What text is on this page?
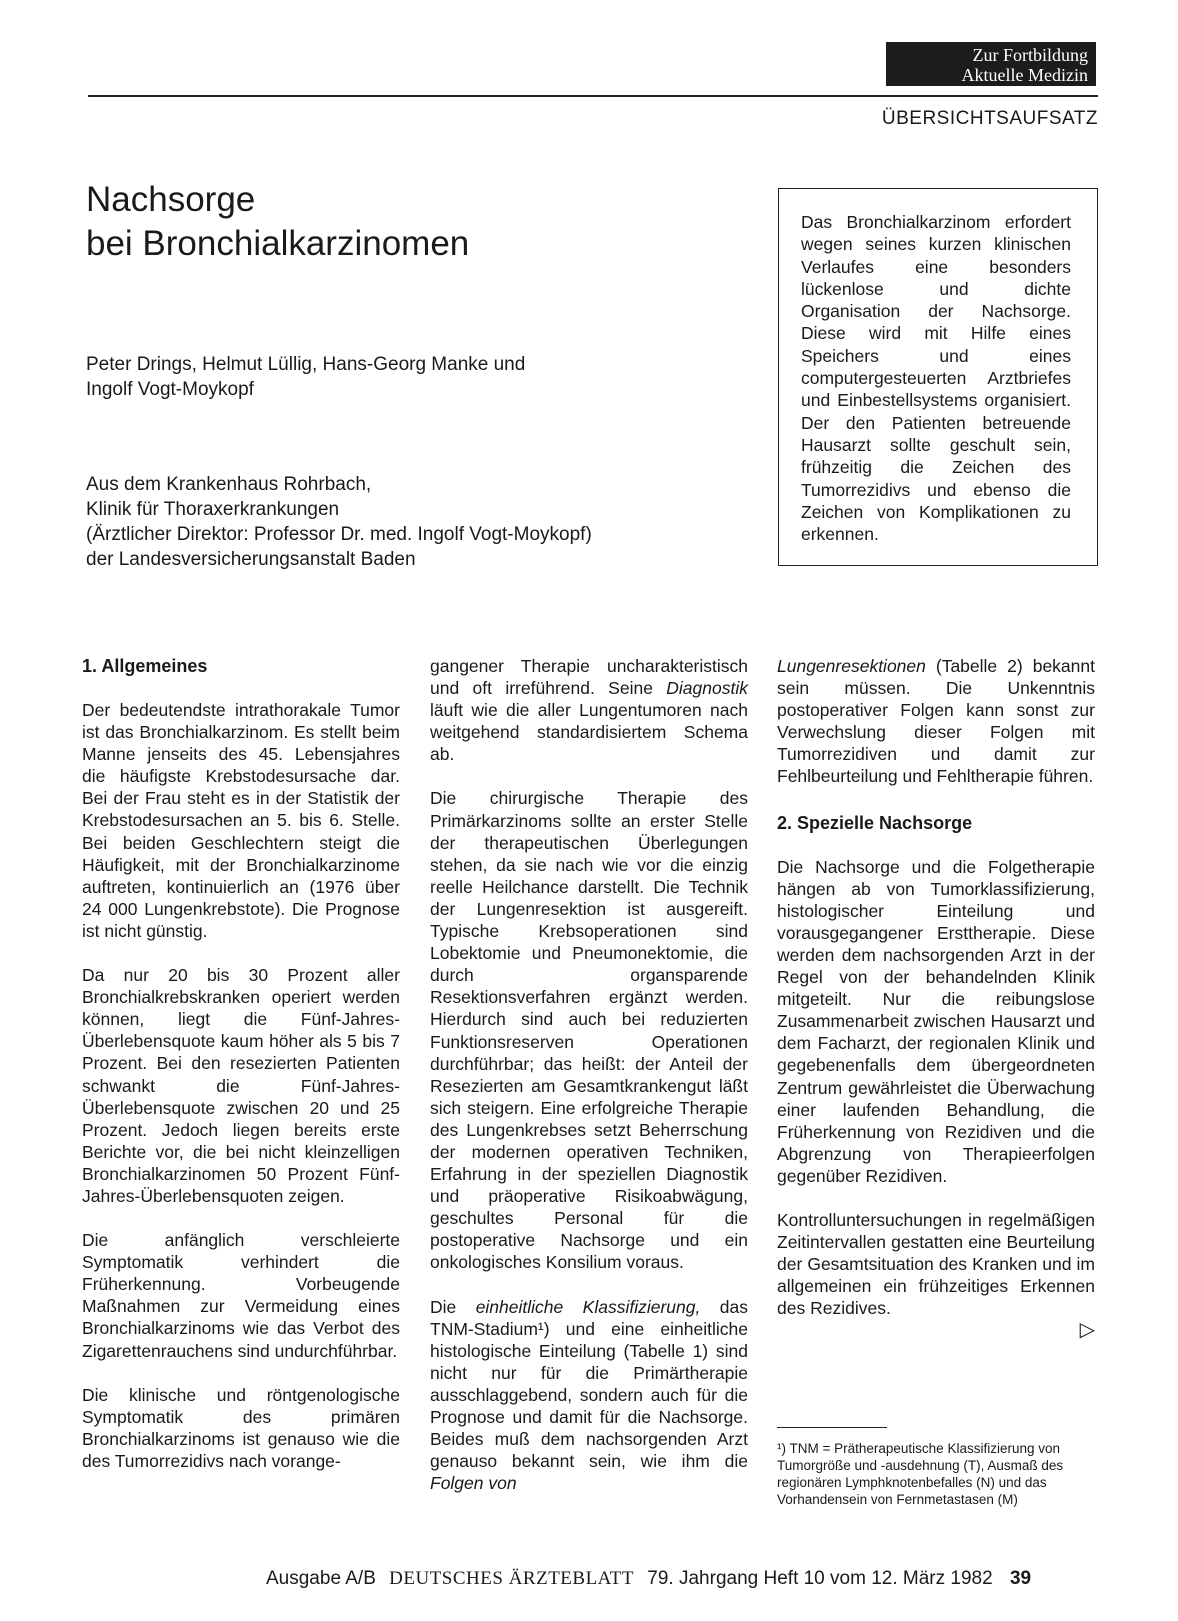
Zur Fortbildung
Aktuelle Medizin
ÜBERSICHTSAUFSATZ
Nachsorge
bei Bronchialkarzinomen

Peter Drings, Helmut Lüllig, Hans-Georg Manke und
Ingolf Vogt-Moykopf

Aus dem Krankenhaus Rohrbach,
Klinik für Thoraxerkrankungen
(Ärztlicher Direktor: Professor Dr. med. Ingolf Vogt-Moykopf)
der Landesversicherungsanstalt Baden

Das Bronchialkarzinom erfordert wegen seines kurzen klinischen Verlaufes eine besonders lückenlose und dichte Organisation der Nachsorge. Diese wird mit Hilfe eines Speichers und eines computergesteuerten Arztbriefes und Einbestellsystems organisiert. Der den Patienten betreuende Hausarzt sollte geschult sein, frühzeitig die Zeichen des Tumorrezidivs und ebenso die Zeichen von Komplikationen zu erkennen.
1. Allgemeines

Der bedeutendste intrathorakale Tumor ist das Bronchialkarzinom. Es stellt beim Manne jenseits des 45. Lebensjahres die häufigste Krebstodesursache dar. Bei der Frau steht es in der Statistik der Krebstodesursachen an 5. bis 6. Stelle. Bei beiden Geschlechtern steigt die Häufigkeit, mit der Bronchialkarzinome auftreten, kontinuierlich an (1976 über 24 000 Lungenkrebstote). Die Prognose ist nicht günstig.

Da nur 20 bis 30 Prozent aller Bronchialkrebskranken operiert werden können, liegt die Fünf-Jahres-Überlebensquote kaum höher als 5 bis 7 Prozent. Bei den resezierten Patienten schwankt die Fünf-Jahres-Überlebensquote zwischen 20 und 25 Prozent. Jedoch liegen bereits erste Berichte vor, die bei nicht kleinzelligen Bronchialkarzinomen 50 Prozent Fünf-Jahres-Überlebensquoten zeigen.

Die anfänglich verschleierte Symptomatik verhindert die Früherkennung. Vorbeugende Maßnahmen zur Vermeidung eines Bronchialkarzinoms wie das Verbot des Zigarettenrauchens sind undurchführbar.

Die klinische und röntgenologische Symptomatik des primären Bronchialkarzinoms ist genauso wie die des Tumorrezidivs nach vorange-

gangener Therapie uncharakteristisch und oft irreführend. Seine Diagnostik läuft wie die aller Lungentumoren nach weitgehend standardisiertem Schema ab.

Die chirurgische Therapie des Primärkarzinoms sollte an erster Stelle der therapeutischen Überlegungen stehen, da sie nach wie vor die einzig reelle Heilchance darstellt. Die Technik der Lungenresektion ist ausgereift. Typische Krebsoperationen sind Lobektomie und Pneumonektomie, die durch organsparende Resektionsverfahren ergänzt werden. Hierdurch sind auch bei reduzierten Funktionsreserven Operationen durchführbar; das heißt: der Anteil der Resezierten am Gesamtkrankengut läßt sich steigern. Eine erfolgreiche Therapie des Lungenkrebses setzt Beherrschung der modernen operativen Techniken, Erfahrung in der speziellen Diagnostik und präoperative Risikoabwägung, geschultes Personal für die postoperative Nachsorge und ein onkologisches Konsilium voraus.

Die einheitliche Klassifizierung, das TNM-Stadium¹) und eine einheitliche histologische Einteilung (Tabelle 1) sind nicht nur für die Primärtherapie ausschlaggebend, sondern auch für die Prognose und damit für die Nachsorge. Beides muß dem nachsorgenden Arzt genauso bekannt sein, wie ihm die Folgen von

Lungenresektionen (Tabelle 2) bekannt sein müssen. Die Unkenntnis postoperativer Folgen kann sonst zur Verwechslung dieser Folgen mit Tumorrezidiven und damit zur Fehlbeurteilung und Fehltherapie führen.

2. Spezielle Nachsorge

Die Nachsorge und die Folgetherapie hängen ab von Tumorklassifizierung, histologischer Einteilung und vorausgegangener Ersttherapie. Diese werden dem nachsorgenden Arzt in der Regel von der behandelnden Klinik mitgeteilt. Nur die reibungslose Zusammenarbeit zwischen Hausarzt und dem Facharzt, der regionalen Klinik und gegebenenfalls dem übergeordneten Zentrum gewährleistet die Überwachung einer laufenden Behandlung, die Früherkennung von Rezidiven und die Abgrenzung von Therapieerfolgen gegenüber Rezidiven.

Kontrolluntersuchungen in regelmäßigen Zeitintervallen gestatten eine Beurteilung der Gesamtsituation des Kranken und im allgemeinen ein frühzeitiges Erkennen des Rezidives.

▷
¹) TNM = Prätherapeutische Klassifizierung von Tumorgröße und -ausdehnung (T), Ausmaß des regionären Lymphknotenbefalles (N) und das Vorhandensein von Fernmetastasen (M)
Ausgabe A/B DEUTSCHES ÄRZTEBLATT 79. Jahrgang Heft 10 vom 12. März 1982 39
